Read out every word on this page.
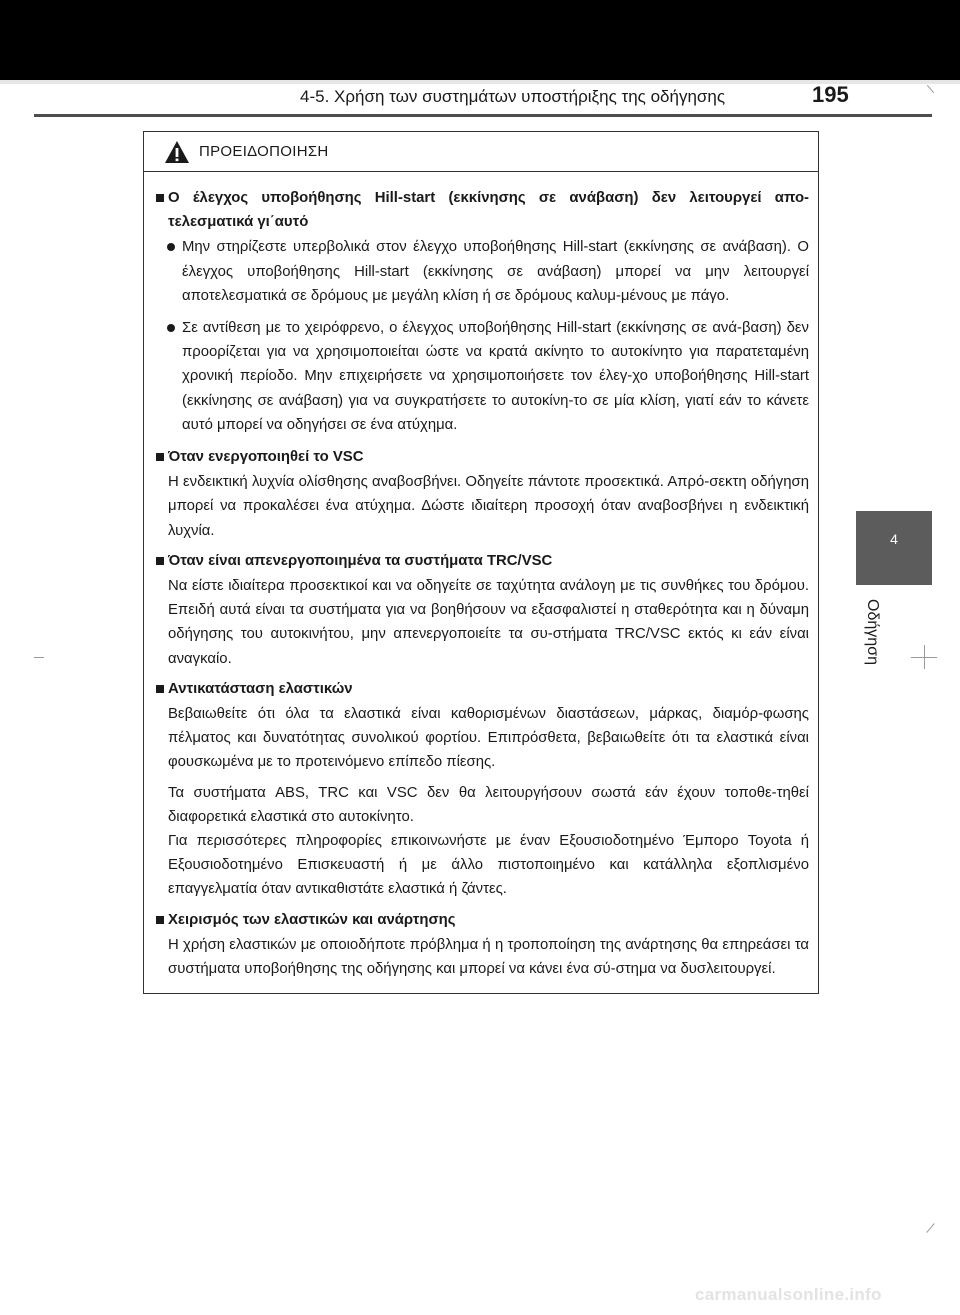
4-5. Χρήση των συστημάτων υποστήριξης της οδήγησης	195
4
Οδήγηση
ΠΡΟΕΙΔΟΠΟΙΗΣΗ
Ο έλεγχος υποβοήθησης Hill-start (εκκίνησης σε ανάβαση) δεν λειτουργεί απο-τελεσματικά γι΄αυτό
Μην στηρίζεστε υπερβολικά στον έλεγχο υποβοήθησης Hill-start (εκκίνησης σε ανάβαση). Ο έλεγχος υποβοήθησης Hill-start (εκκίνησης σε ανάβαση) μπορεί να μην λειτουργεί αποτελεσματικά σε δρόμους με μεγάλη κλίση ή σε δρόμους καλυμ-μένους με πάγο.
Σε αντίθεση με το χειρόφρενο, ο έλεγχος υποβοήθησης Hill-start (εκκίνησης σε ανά-βαση) δεν προορίζεται για να χρησιμοποιείται ώστε να κρατά ακίνητο το αυτοκίνητο για παρατεταμένη χρονική περίοδο. Μην επιχειρήσετε να χρησιμοποιήσετε τον έλεγ-χο υποβοήθησης Hill-start (εκκίνησης σε ανάβαση) για να συγκρατήσετε το αυτοκίνη-το σε μία κλίση, γιατί εάν το κάνετε αυτό μπορεί να οδηγήσει σε ένα ατύχημα.
Όταν ενεργοποιηθεί το VSC
Η ενδεικτική λυχνία ολίσθησης αναβοσβήνει. Οδηγείτε πάντοτε προσεκτικά. Απρό-σεκτη οδήγηση μπορεί να προκαλέσει ένα ατύχημα. Δώστε ιδιαίτερη προσοχή όταν αναβοσβήνει η ενδεικτική λυχνία.
Όταν είναι απενεργοποιημένα τα συστήματα TRC/VSC
Να είστε ιδιαίτερα προσεκτικοί και να οδηγείτε σε ταχύτητα ανάλογη με τις συνθήκες του δρόμου. Επειδή αυτά είναι τα συστήματα για να βοηθήσουν να εξασφαλιστεί η σταθερότητα και η δύναμη οδήγησης του αυτοκινήτου, μην απενεργοποιείτε τα συ-στήματα TRC/VSC εκτός κι εάν είναι αναγκαίο.
Αντικατάσταση ελαστικών
Βεβαιωθείτε ότι όλα τα ελαστικά είναι καθορισμένων διαστάσεων, μάρκας, διαμόρ-φωσης πέλματος και δυνατότητας συνολικού φορτίου. Επιπρόσθετα, βεβαιωθείτε ότι τα ελαστικά είναι φουσκωμένα με το προτεινόμενο επίπεδο πίεσης.
Τα συστήματα ABS, TRC και VSC δεν θα λειτουργήσουν σωστά εάν έχουν τοποθε-τηθεί διαφορετικά ελαστικά στο αυτοκίνητο.
Για περισσότερες πληροφορίες επικοινωνήστε με έναν Εξουσιοδοτημένο Έμπορο Toyota ή Εξουσιοδοτημένο Επισκευαστή ή με άλλο πιστοποιημένο και κατάλληλα εξοπλισμένο επαγγελματία όταν αντικαθιστάτε ελαστικά ή ζάντες.
Χειρισμός των ελαστικών και ανάρτησης
Η χρήση ελαστικών με οποιοδήποτε πρόβλημα ή η τροποποίηση της ανάρτησης θα επηρεάσει τα συστήματα υποβοήθησης της οδήγησης και μπορεί να κάνει ένα σύ-στημα να δυσλειτουργεί.
carmanualsonline.info
